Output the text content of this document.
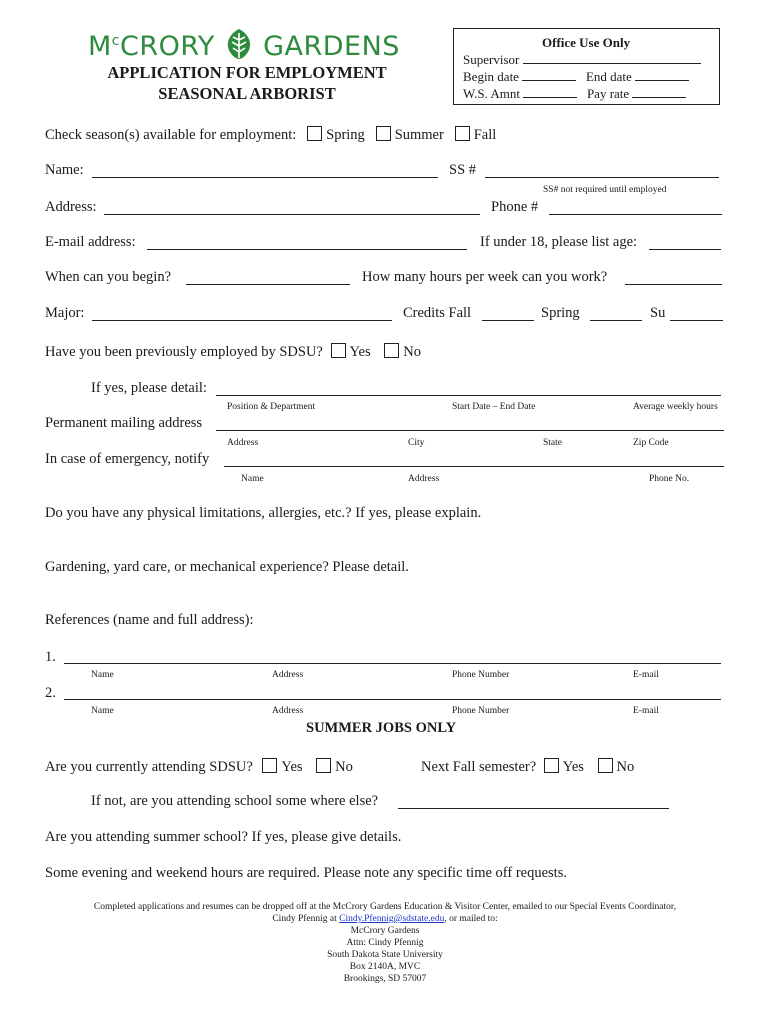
$M^cCRORY$ GARDENS
APPLICATION FOR EMPLOYMENT
SEASONAL ARBORIST
Office Use Only
Supervisor
Begin date	End date
W.S. Amnt	Pay rate
Check season(s) available for employment: Spring Summer Fall
Name:	SS #
SS# not required until employed
Address:	Phone #
E-mail address:	If under 18, please list age:
When can you begin?	How many hours per week can you work?
Major:	Credits Fall	Spring	Su
Have you been previously employed by SDSU? Yes No
If yes, please detail:
Position & Department	Start Date – End Date	Average weekly hours
Permanent mailing address
Address	City	State	Zip Code
In case of emergency, notify
Name	Address	Phone No.
Do you have any physical limitations, allergies, etc.? If yes, please explain.
Gardening, yard care, or mechanical experience? Please detail.
References (name and full address):
1.
Name	Address	Phone Number	E-mail
2.
Name	Address	Phone Number	E-mail
SUMMER JOBS ONLY
Are you currently attending SDSU? Yes No	Next Fall semester? Yes No
If not, are you attending school some where else?
Are you attending summer school? If yes, please give details.
Some evening and weekend hours are required. Please note any specific time off requests.
Completed applications and resumes can be dropped off at the McCrory Gardens Education & Visitor Center, emailed to our Special Events Coordinator,
Cindy Pfennig at Cindy.Pfennig@sdstate.edu, or mailed to:
McCrory Gardens
Attn: Cindy Pfennig
South Dakota State University
Box 2140A, MVC
Brookings, SD 57007
